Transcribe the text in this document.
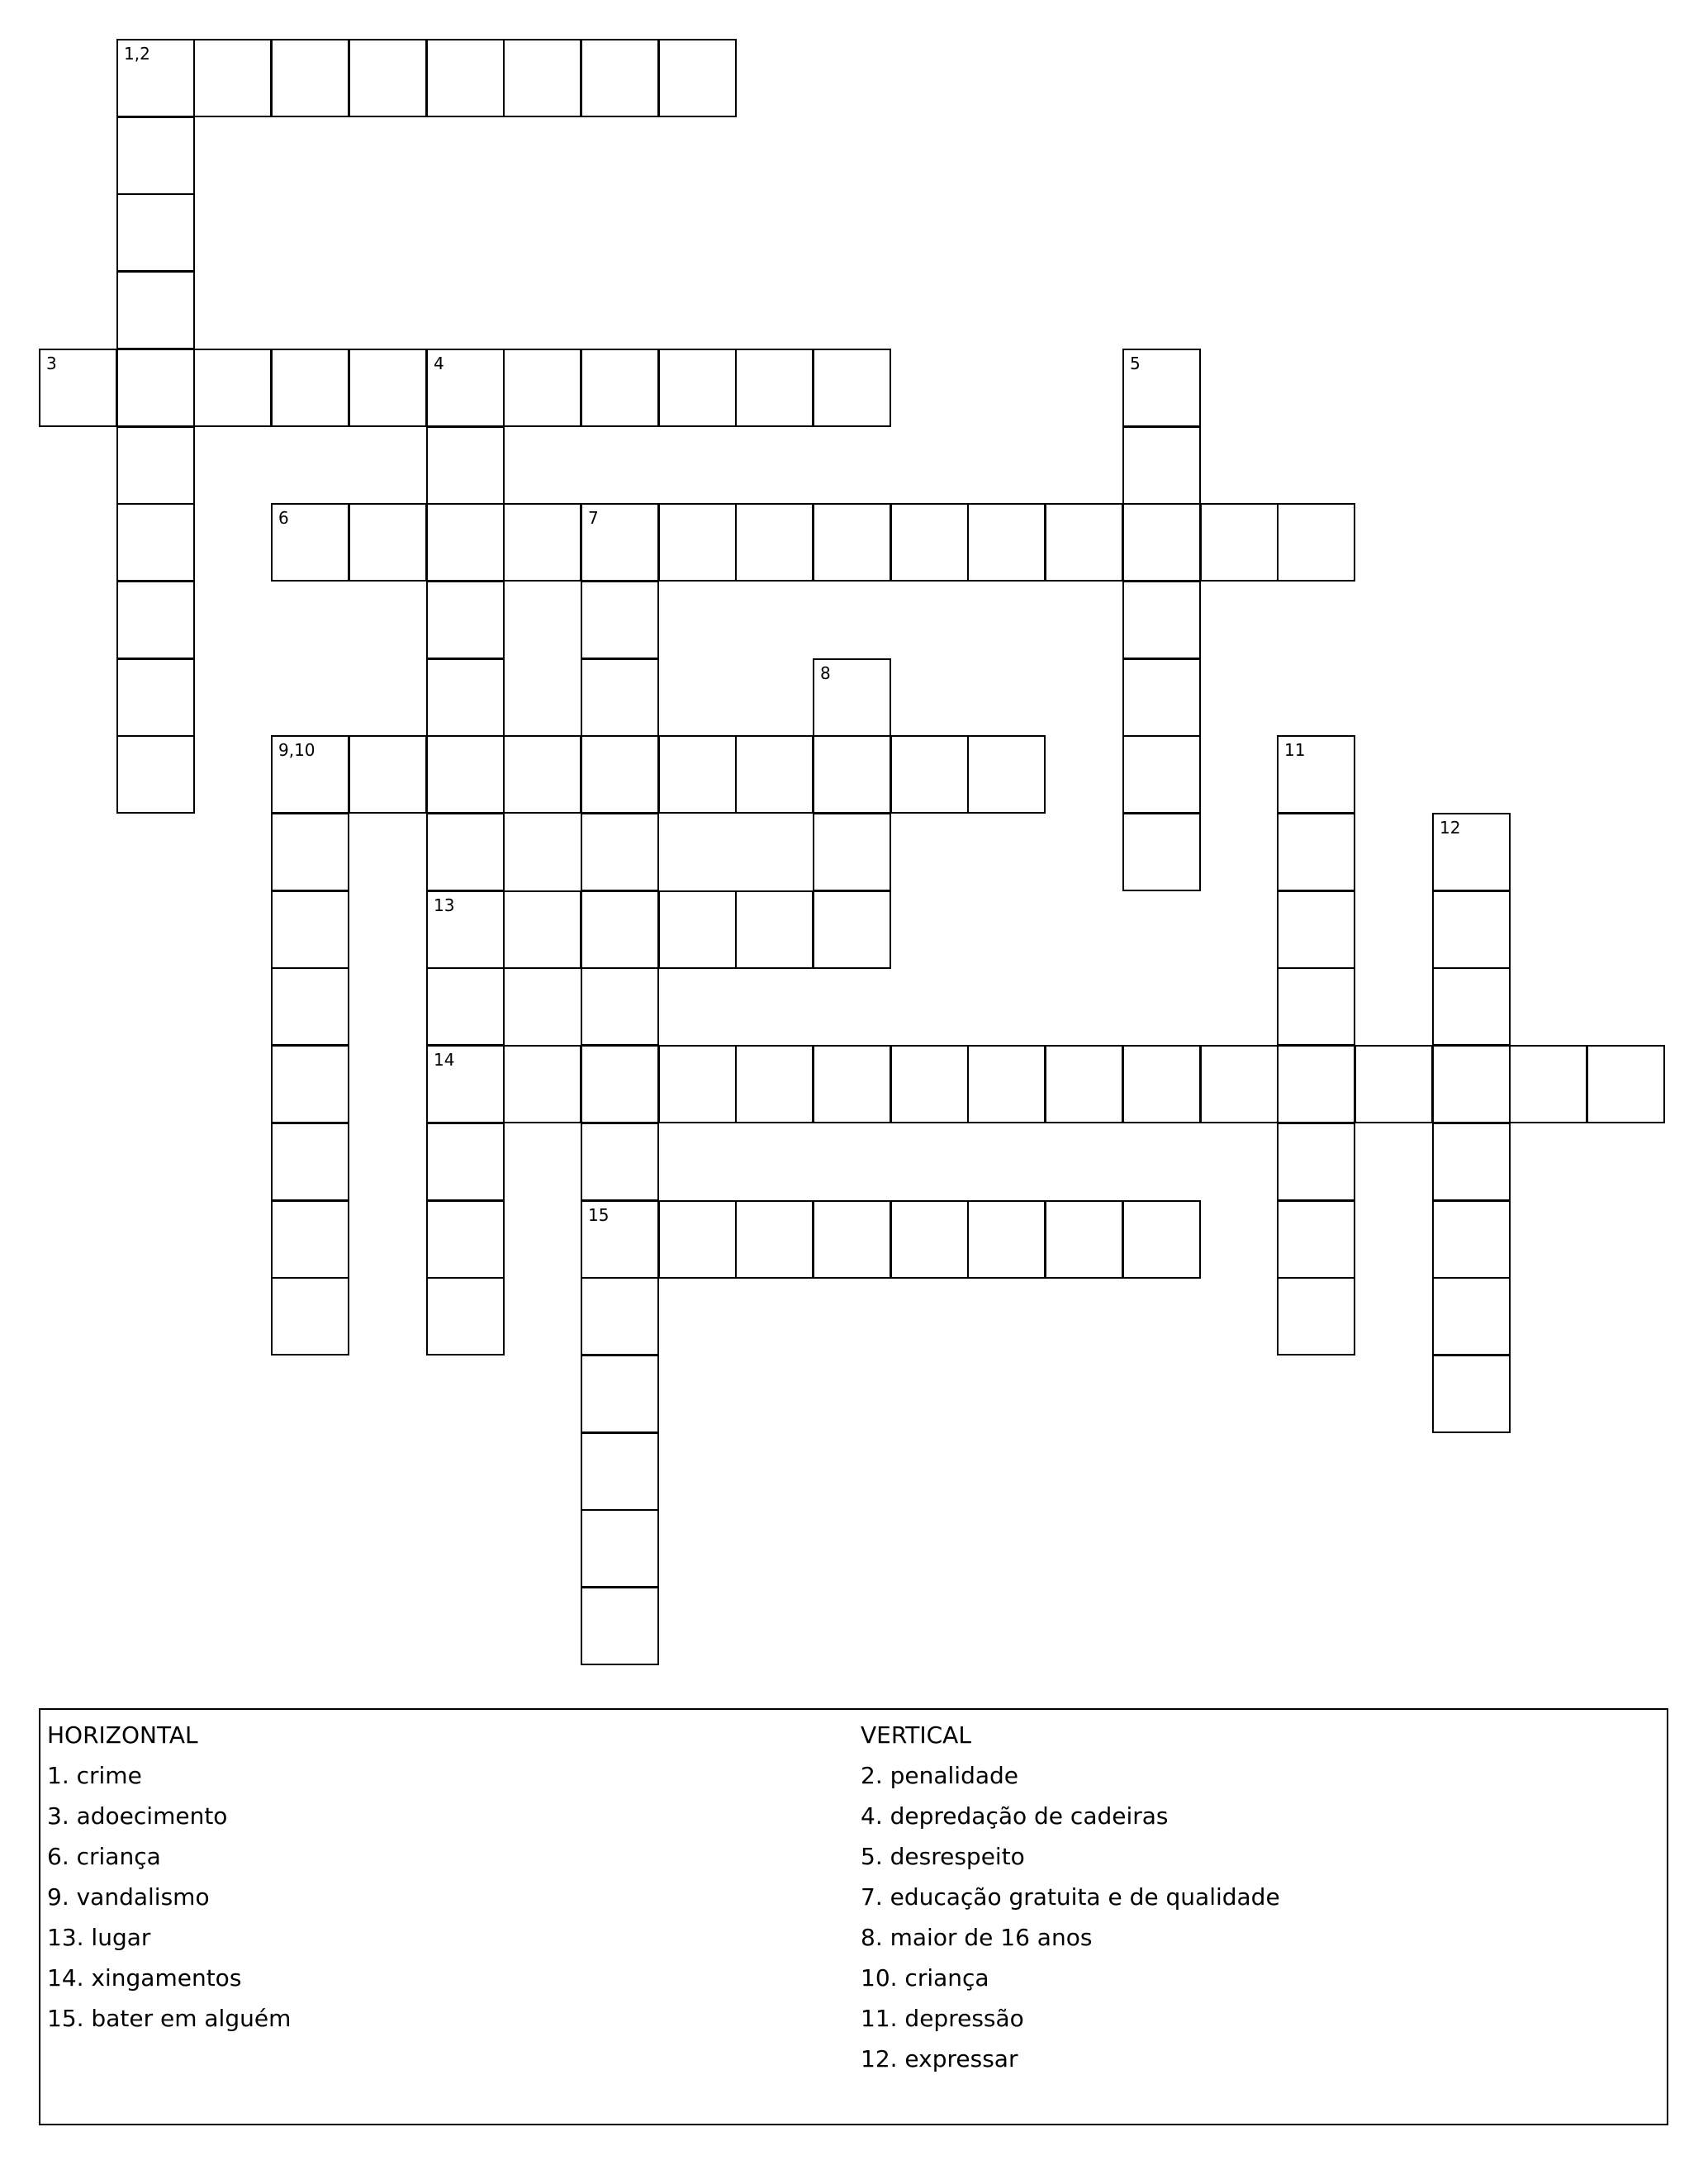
1,2
3	4
13
14
5
6	7
15
8
9,10	11
12
HORIZONTAL
1. crime
3. adoecimento
6. criança
9. vandalismo
13. lugar
14. xingamentos
15. bater em alguém
VERTICAL
2. penalidade
4. depredação de cadeiras
5. desrespeito
7. educação gratuita e de qualidade
8. maior de 16 anos
10. criança
11. depressão
12. expressar
